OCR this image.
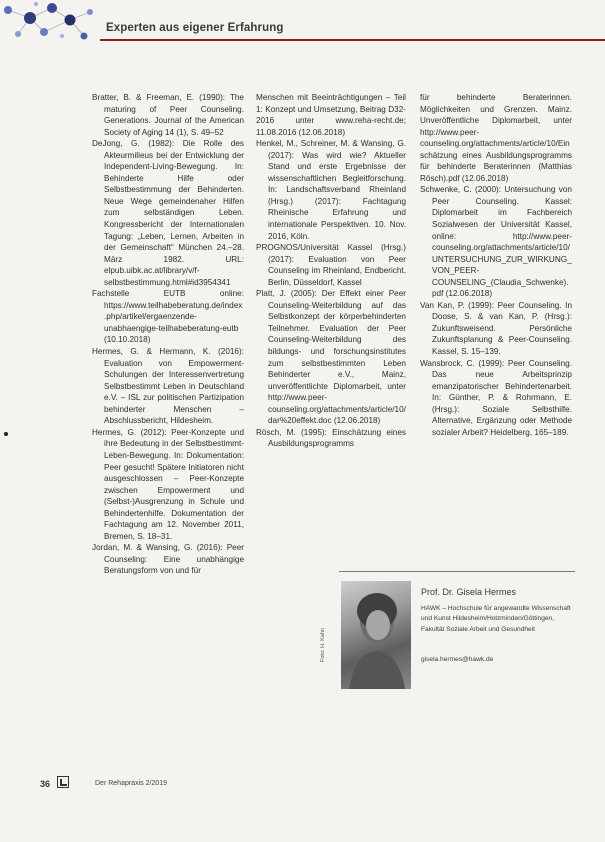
Experten aus eigener Erfahrung

Bratter, B. & Freeman, E. (1990): The maturing of Peer Counseling. Generations. Journal of the American Society of Aging 14 (1), S. 49–52

DeJong, G. (1982): Die Rolle des Akteurmilieus bei der Entwicklung der Independent-Living-Bewegung. In: Behinderte Hilfe oder Selbstbestimmung der Behinderten. Neue Wege gemeindenaher Hilfen zum selbständigen Leben. Kongressbericht der Internationalen Tagung: „Leben, Lernen, Arbeiten in der Gemeinschaft“ München 24.–28. März 1982. URL: elpub.uibk.ac.at/library/v/f-selbstbestimmung.html#id3954341

Fachstelle EUTB online: https://www.teilhabeberatung.de/index.php/artikel/ergaenzende-unabhaengige-teilhabeberatung-eutb (10.10.2018)

Hermes, G. & Hermann, K. (2016): Evaluation von Empowerment-Schulungen der Interessenvertretung Selbstbestimmt Leben in Deutschland e.V. – ISL zur politischen Partizipation behinderter Menschen – Abschlussbericht, Hildesheim.

Hermes, G. (2012): Peer-Konzepte und ihre Bedeutung in der Selbstbestimmt-Leben-Bewegung. In: Dokumentation: Peer gesucht! Spätere Initiatoren nicht ausgeschlossen – Peer-Konzepte zwischen Empowerment und (Selbst-)Ausgrenzung in Schule und Behindertenhilfe. Dokumentation der Fachtagung am 12. November 2011, Bremen, S. 18–31.

Jordan, M. & Wansing, G. (2016): Peer Counseling: Eine unabhängige Beratungsform von und für

Menschen mit Beeinträchtigungen – Teil 1: Konzept und Umsetzung, Beitrag D32-2016 unter www.reha-recht.de; 11.08.2016 (12.06.2018)

Henkel, M., Schreiner, M. & Wansing, G. (2017): Was wird wie? Aktueller Stand und erste Ergebnisse der wissenschaftlichen Begleitforschung. In: Landschaftsverband Rheinland (Hrsg.) (2017): Fachtagung Rheinische Erfahrung und internationale Perspektiven. 10. Nov. 2016, Köln.

PROGNOS/Universität Kassel (Hrsg.) (2017): Evaluation von Peer Counseling im Rheinland, Endbericht. Berlin, Düsseldorf, Kassel

Platt, J. (2005): Der Effekt einer Peer Counseling-Weiterbildung auf das Selbstkonzept der körperbehinderten Teilnehmer. Evaluation der Peer Counseling-Weiterbildung des bildungs- und forschungsinstitutes zum selbstbestimmten Leben Behinderter e.V., Mainz, unveröffentlichte Diplomarbeit, unter http://www.peer-counseling.org/attachments/article/10/dar%20effekt.doc (12.06.2018)

Rösch, M. (1995): Einschätzung eines Ausbildungsprogramms

für behinderte Beraterinnen. Möglichkeiten und Grenzen. Mainz. Unveröffentliche Diplomarbeit, unter http://www.peer-counseling.org/attachments/article/10/Einschätzung eines Ausbildungsprogramms für behinderte Beraterinnen (Matthias Rösch).pdf (12.06.2018)

Schwenke, C. (2000): Untersuchung von Peer Counseling. Kassel: Diplomarbeit im Fachbereich Sozialwesen der Universität Kassel, online: http://www.peer-counseling.org/attachments/article/10/UNTERSUCHUNG_ZUR_WIRKUNG_VON_PEER-COUNSELING_(Claudia_Schwenke).pdf (12.06.2018)

Van Kan, P. (1999): Peer Counseling. In Doose, S. & van Kan, P. (Hrsg.): Zukunftsweisend. Persönliche Zukunftsplanung & Peer-Counseling. Kassel, S. 15–139.

Wansbrock, C. (1999): Peer Counseling. Das neue Arbeitsprinzip emanzipatorischer Behindertenarbeit. In: Günther, P. & Rohrmann, E. (Hrsg.): Soziale Selbsthilfe. Alternative, Ergänzung oder Methode sozialer Arbeit? Heidelberg, 165–189.

Foto: H. Kahn
Prof. Dr. Gisela Hermes
HAWK – Hochschule für angewandte Wissenschaft und Kunst Hildesheim/Holzminden/Göttingen, Fakultät Soziale Arbeit und Gesundheit
gisela.hermes@hawk.de
36	Der Rehapraxis 2/2019
